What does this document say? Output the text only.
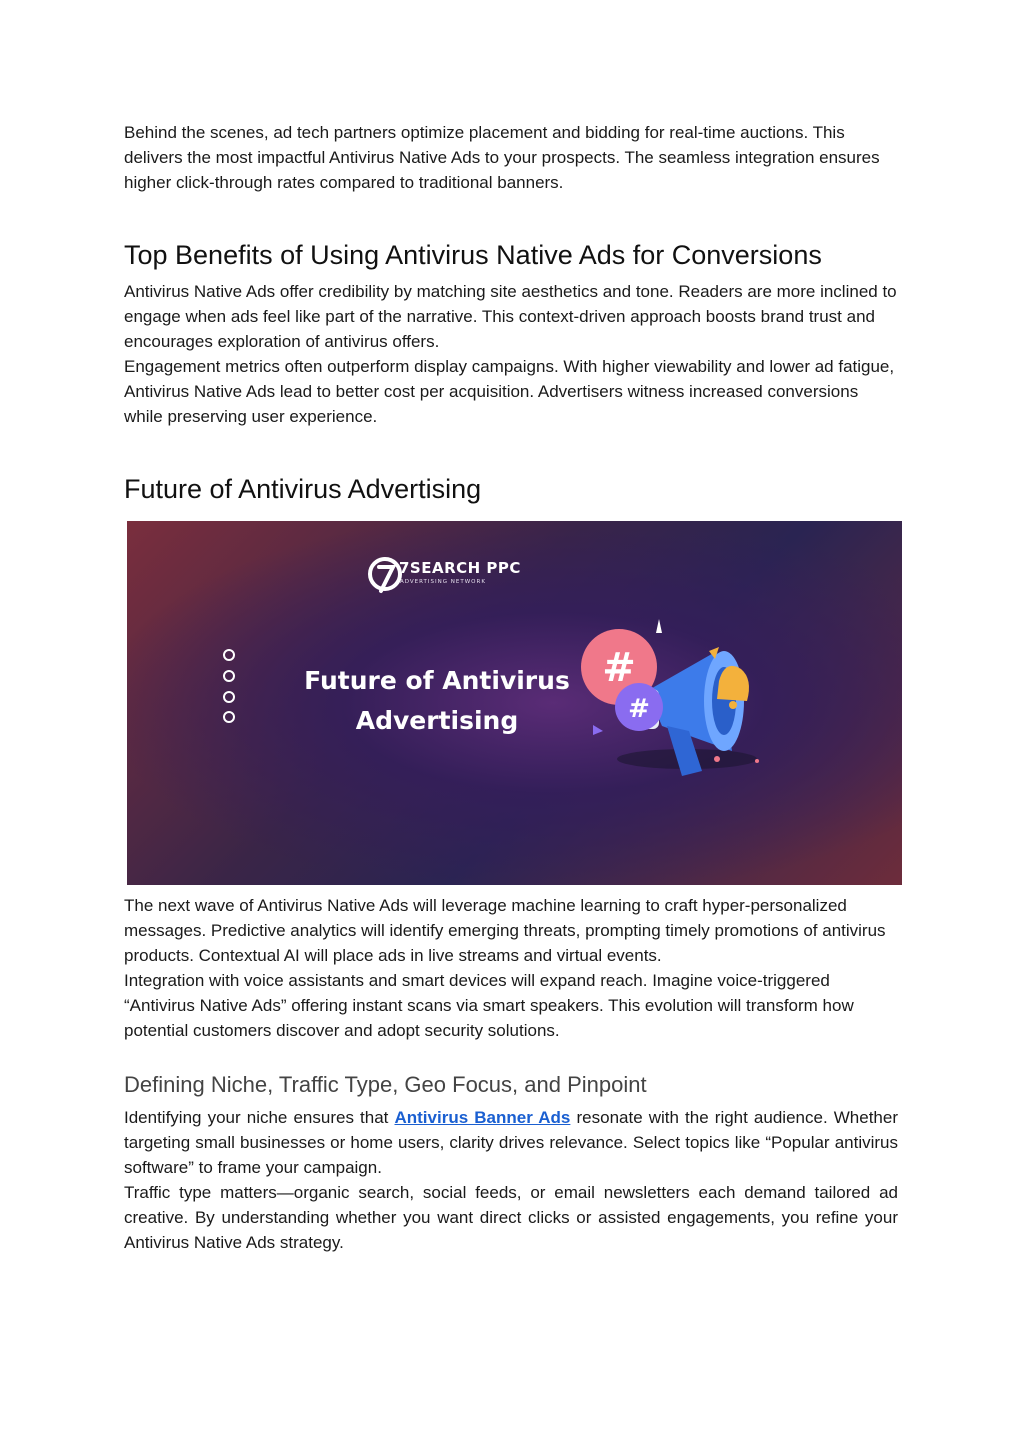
Behind the scenes, ad tech partners optimize placement and bidding for real-time auctions. This delivers the most impactful Antivirus Native Ads to your prospects. The seamless integration ensures higher click-through rates compared to traditional banners.

Top Benefits of Using Antivirus Native Ads for Conversions

Antivirus Native Ads offer credibility by matching site aesthetics and tone. Readers are more inclined to engage when ads feel like part of the narrative. This context-driven approach boosts brand trust and encourages exploration of antivirus offers.

Engagement metrics often outperform display campaigns. With higher viewability and lower ad fatigue, Antivirus Native Ads lead to better cost per acquisition. Advertisers witness increased conversions while preserving user experience.

Future of Antivirus Advertising
#
#
7SEARCH PPC
ADVERTISING NETWORK
Future of Antivirus Advertising

The next wave of Antivirus Native Ads will leverage machine learning to craft hyper-personalized messages. Predictive analytics will identify emerging threats, prompting timely promotions of antivirus products. Contextual AI will place ads in live streams and virtual events.

Integration with voice assistants and smart devices will expand reach. Imagine voice-triggered “Antivirus Native Ads” offering instant scans via smart speakers. This evolution will transform how potential customers discover and adopt security solutions.

Defining Niche, Traffic Type, Geo Focus, and Pinpoint

Identifying your niche ensures that Antivirus Banner Ads resonate with the right audience. Whether targeting small businesses or home users, clarity drives relevance. Select topics like “Popular antivirus software” to frame your campaign.

Traffic type matters—organic search, social feeds, or email newsletters each demand tailored ad creative. By understanding whether you want direct clicks or assisted engagements, you refine your Antivirus Native Ads strategy.
